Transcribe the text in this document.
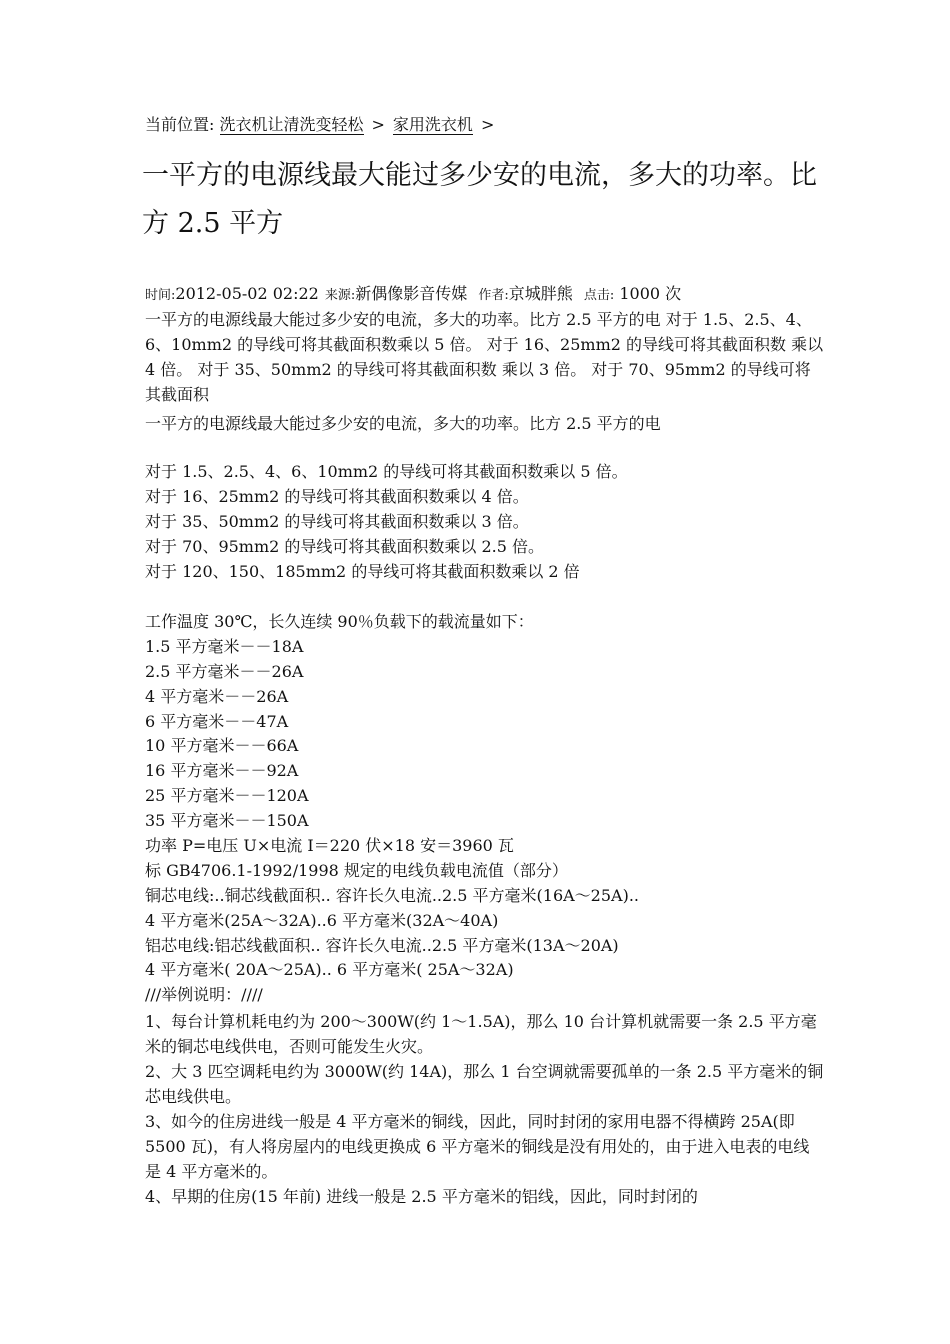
当前位置: 洗衣机让清洗变轻松 > 家用洗衣机 >
一平方的电源线最大能过多少安的电流，多大的功率。比方 2.5 平方
时间:2012-05-02 02:22 来源:新偶像影音传媒 作者:京城胖熊 点击: 1000 次

一平方的电源线最大能过多少安的电流，多大的功率。比方 2.5 平方的电 对于 1.5、2.5、4、6、10mm2 的导线可将其截面积数乘以 5 倍。 对于 16、25mm2 的导线可将其截面积数 乘以 4 倍。 对于 35、50mm2 的导线可将其截面积数 乘以 3 倍。 对于 70、95mm2 的导线可将其截面积

一平方的电源线最大能过多少安的电流，多大的功率。比方 2.5 平方的电

对于 1.5、2.5、4、6、10mm2 的导线可将其截面积数乘以 5 倍。
对于 16、25mm2 的导线可将其截面积数乘以 4 倍。
对于 35、50mm2 的导线可将其截面积数乘以 3 倍。
对于 70、95mm2 的导线可将其截面积数乘以 2.5 倍。
对于 120、150、185mm2 的导线可将其截面积数乘以 2 倍
工作温度 30℃，长久连续 90％负载下的载流量如下：
1.5 平方毫米－－18A
2.5 平方毫米－－26A
4 平方毫米－－26A
6 平方毫米－－47A
10 平方毫米－－66A
16 平方毫米－－92A
25 平方毫米－－120A
35 平方毫米－－150A
功率 P=电压 U×电流 I＝220 伏×18 安＝3960 瓦
标 GB4706.1-1992/1998 规定的电线负载电流值（部分）
铜芯电线:..铜芯线截面积.. 容许长久电流..2.5 平方毫米(16A～25A)..
4 平方毫米(25A～32A)..6 平方毫米(32A～40A)
铝芯电线:铝芯线截面积.. 容许长久电流..2.5 平方毫米(13A～20A)
4 平方毫米( 20A～25A).. 6 平方毫米( 25A～32A)
///举例说明：////

1、每台计算机耗电约为 200～300W(约 1～1.5A)，那么 10 台计算机就需要一条 2.5 平方毫米的铜芯电线供电，否则可能发生火灾。

2、大 3 匹空调耗电约为 3000W(约 14A)，那么 1 台空调就需要孤单的一条 2.5 平方毫米的铜芯电线供电。

3、如今的住房进线一般是 4 平方毫米的铜线，因此，同时封闭的家用电器不得横跨 25A(即 5500 瓦)，有人将房屋内的电线更换成 6 平方毫米的铜线是没有用处的，由于进入电表的电线是 4 平方毫米的。

4、早期的住房(15 年前) 进线一般是 2.5 平方毫米的铝线，因此，同时封闭的
